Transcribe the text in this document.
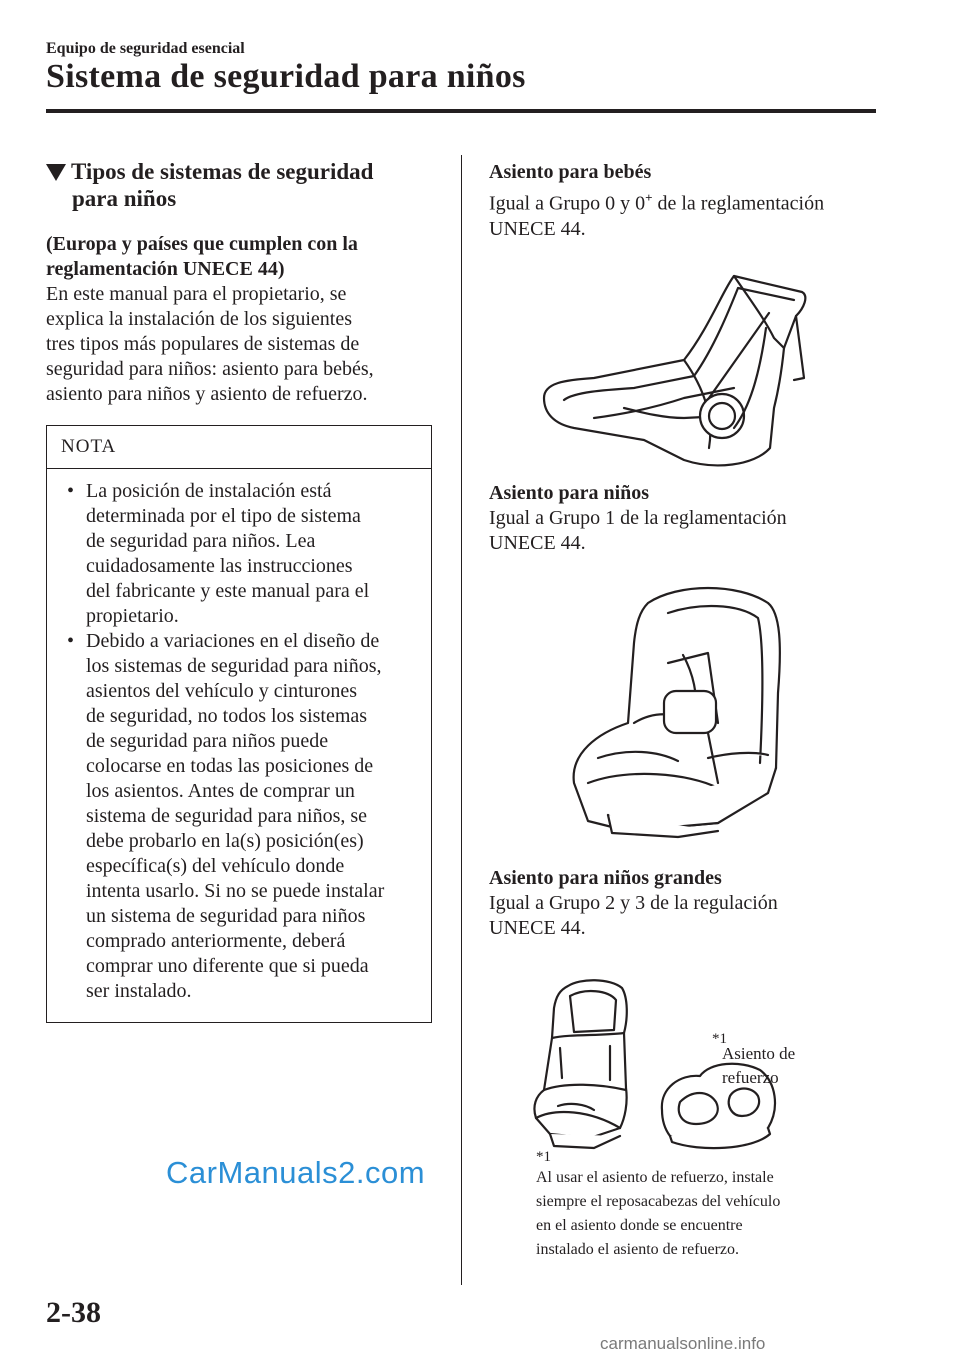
Equipo de seguridad esencial
Sistema de seguridad para niños
Tipos de sistemas de seguridad
para niños
(Europa y países que cumplen con la
reglamentación UNECE 44)
En este manual para el propietario, se
explica la instalación de los siguientes
tres tipos más populares de sistemas de
seguridad para niños: asiento para bebés,
asiento para niños y asiento de refuerzo.
NOTA
• La posición de instalación está
determinada por el tipo de sistema
de seguridad para niños. Lea
cuidadosamente las instrucciones
del fabricante y este manual para el
propietario.
• Debido a variaciones en el diseño de
los sistemas de seguridad para niños,
asientos del vehículo y cinturones
de seguridad, no todos los sistemas
de seguridad para niños puede
colocarse en todas las posiciones de
los asientos. Antes de comprar un
sistema de seguridad para niños, se
debe probarlo en la(s) posición(es)
específica(s) del vehículo donde
intenta usarlo. Si no se puede instalar
un sistema de seguridad para niños
comprado anteriormente, deberá
comprar uno diferente que si pueda
ser instalado.
Asiento para bebés
Igual a Grupo 0 y 0+ de la reglamentación
UNECE 44.
Asiento para niños
Igual a Grupo 1 de la reglamentación
UNECE 44.
Asiento para niños grandes
Igual a Grupo 2 y 3 de la regulación
UNECE 44.
*1
Asiento de
refuerzo
*1
Al usar el asiento de refuerzo, instale
siempre el reposacabezas del vehículo
en el asiento donde se encuentre
instalado el asiento de refuerzo.
2-38
CarManuals2.com
carmanualsonline.info
